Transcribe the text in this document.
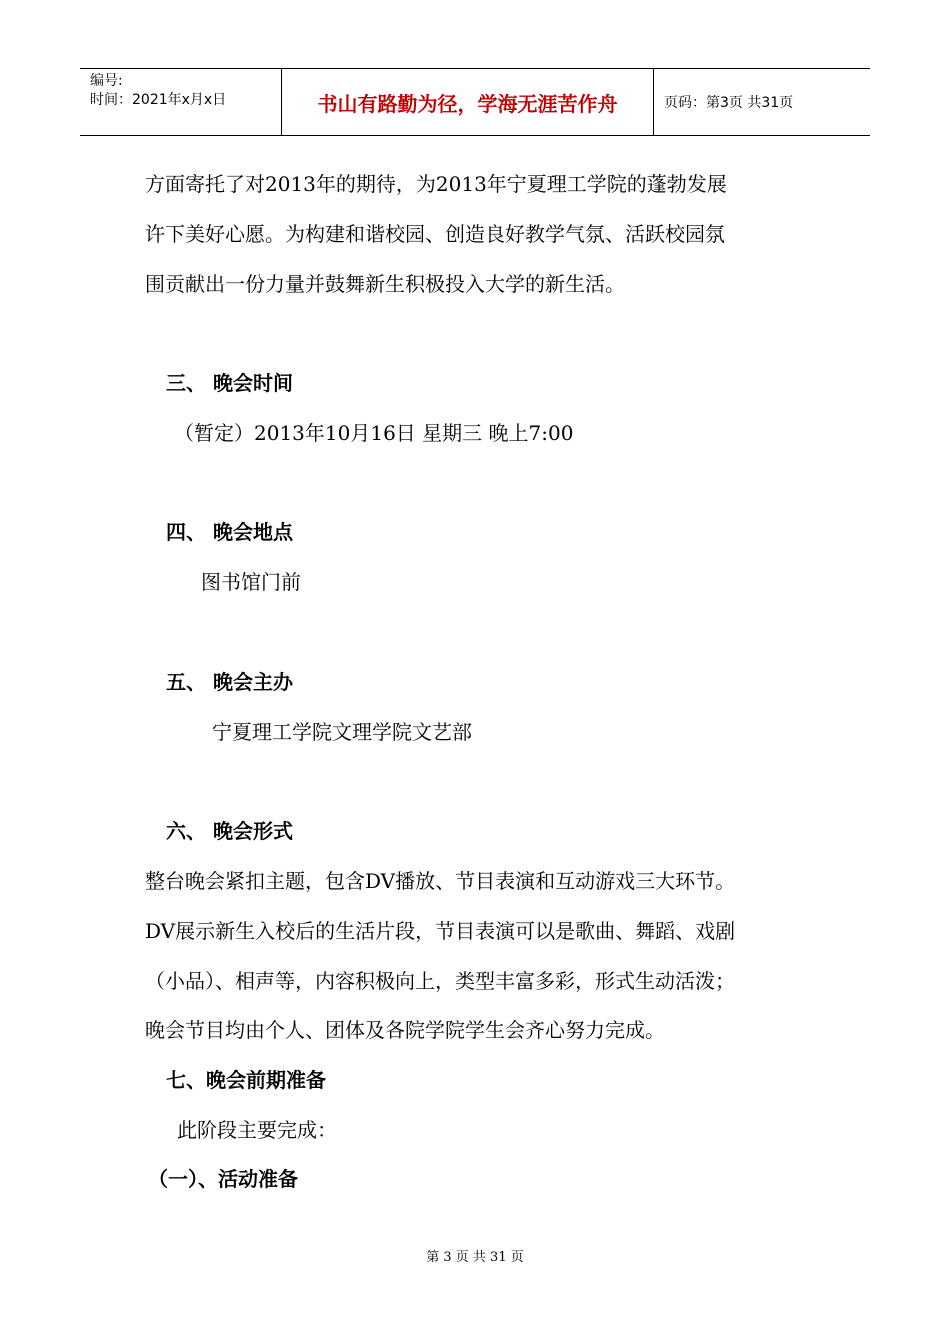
编号:
时间：2021年x月x日	书山有路勤为径，学海无涯苦作舟	页码：第3页 共31页
方面寄托了对2013年的期待，为2013年宁夏理工学院的蓬勃发展
许下美好心愿。为构建和谐校园、创造良好教学气氛、活跃校园氛
围贡献出一份力量并鼓舞新生积极投入大学的新生活。
三、 晚会时间
（暂定）2013年10月16日 星期三 晚上7:00
四、 晚会地点
图书馆门前
五、 晚会主办
宁夏理工学院文理学院文艺部
六、 晚会形式
整台晚会紧扣主题，包含DV播放、节目表演和互动游戏三大环节。
DV展示新生入校后的生活片段，节目表演可以是歌曲、舞蹈、戏剧
（小品）、相声等，内容积极向上，类型丰富多彩，形式生动活泼；
晚会节目均由个人、团体及各院学院学生会齐心努力完成。
七、晚会前期准备
此阶段主要完成：
（一）、活动准备
第 3 页 共 31 页
